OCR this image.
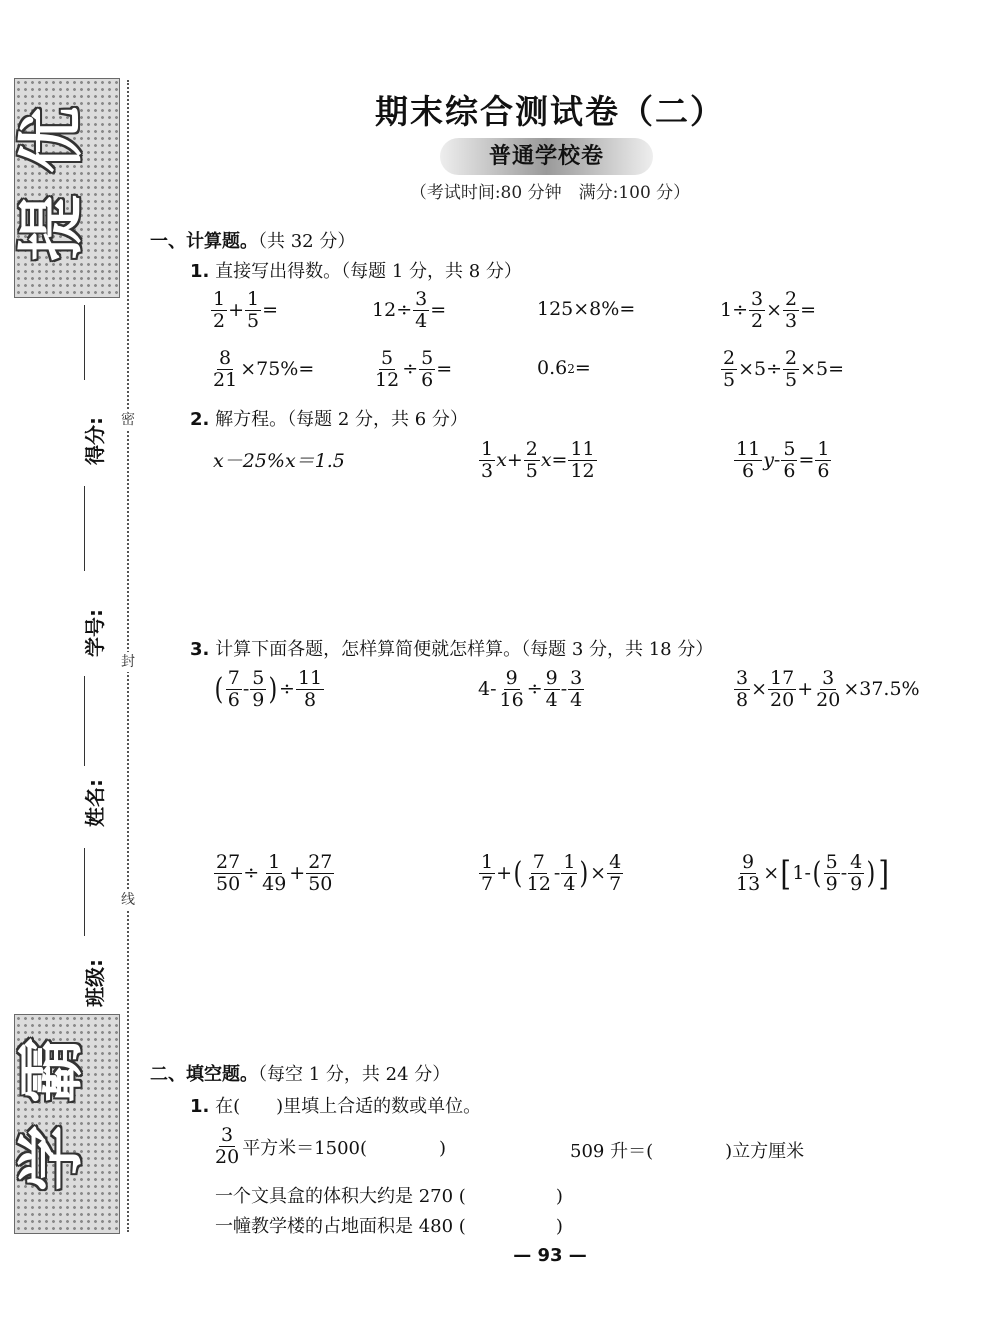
优
提
霸
学
得分:
学号:
姓名:
班级:
密
封
线
期末综合测试卷（二）
普通学校卷
（考试时间:80 分钟　满分:100 分）
一、计算题。（共 32 分）
1. 直接写出得数。（每题 1 分，共 8 分）
$\frac{1}{2} + \frac{1}{5}$ =	$12 \div \frac{3}{4}$ =	125×8%=	$1 \div \frac{3}{2} \times \frac{2}{3}$ =
$\frac{8}{21} \times 75\%=$	$\frac{5}{12} \div \frac{5}{6}$ =	0.6 2 =	$\frac{2}{5} \times 5 \div \frac{2}{5} \times 5=$
2. 解方程。（每题 2 分，共 6 分）
x－25%x＝1.5	$\frac{1}{3}$ $x + \frac{2}{5}$ $x = \frac{11}{12}$	$\frac{11}{6}$ $y - \frac{5}{6} = \frac{1}{6}$
3. 计算下面各题，怎样算简便就怎样算。（每题 3 分，共 18 分）
( $\frac{7}{6} - \frac{5}{9}$ ) ÷ $\frac{11}{8}$	$4- \frac{9}{16} \div \frac{9}{4} - \frac{3}{4}$	$\frac{3}{8} \times \frac{17}{20} + \frac{3}{20} \times 37.5\%$
$\frac{27}{50} \div \frac{1}{49} + \frac{27}{50}$	$\frac{1}{7}$ + ( $\frac{7}{12} - \frac{1}{4}$ ) × $\frac{4}{7}$	$\frac{9}{13}$ × [ 1- ( $\frac{5}{9} - \frac{4}{9}$ ) ]
二、填空题。（每空 1 分，共 24 分）
1. 在(　　)里填上合适的数或单位。
$\frac{3}{20}$ 平方米＝1500(　　　　)	509 升＝(　　　　)立方厘米
一个文具盒的体积大约是 270 (　　　　　)
一幢教学楼的占地面积是 480 (　　　　　)
— 93 —
